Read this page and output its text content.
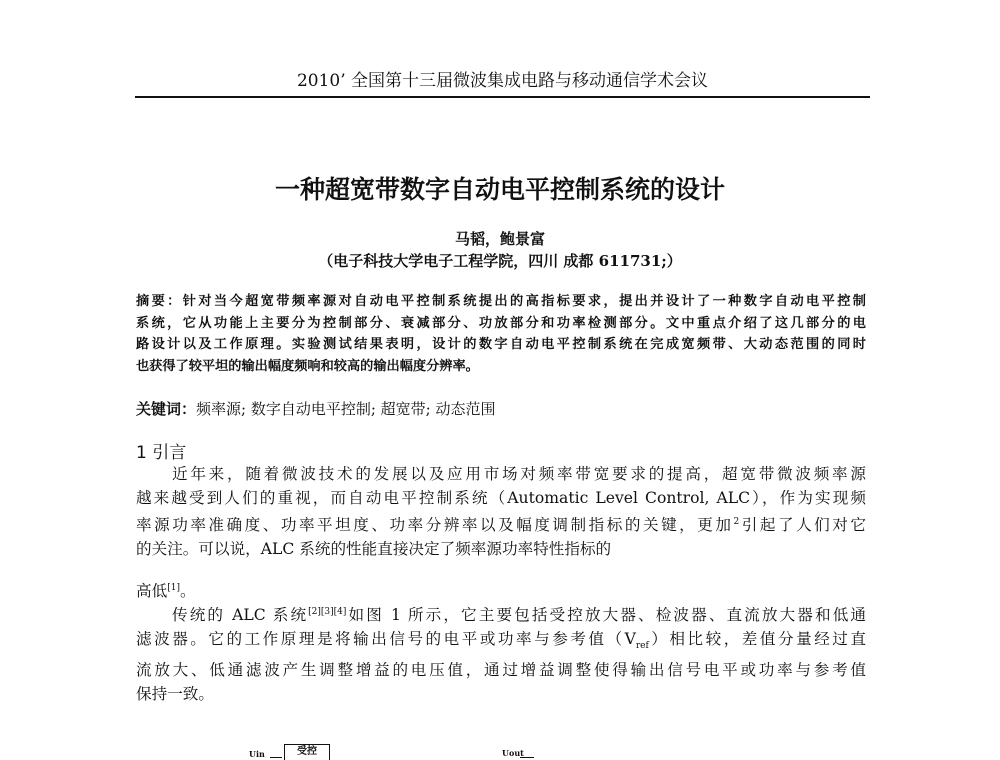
2010’ 全国第十三届微波集成电路与移动通信学术会议
一种超宽带数字自动电平控制系统的设计
马韬，鲍景富
（电子科技大学电子工程学院，四川 成都 611731;）
摘要：针对当今超宽带频率源对自动电平控制系统提出的高指标要求，提出并设计了一种数字自动电平控制
系统，它从功能上主要分为控制部分、衰减部分、功放部分和功率检测部分。文中重点介绍了这几部分的电
路设计以及工作原理。实验测试结果表明，设计的数字自动电平控制系统在完成宽频带、大动态范围的同时
也获得了较平坦的输出幅度频响和较高的输出幅度分辨率。
关键词：频率源; 数字自动电平控制; 超宽带; 动态范围
1 引言
近年来，随着微波技术的发展以及应用市场对频率带宽要求的提高，超宽带微波频率源
越来越受到人们的重视，而自动电平控制系统（Automatic Level Control, ALC），作为实现频
率源功率准确度、功率平坦度、功率分辨率以及幅度调制指标的关键，更加$^2$引起了人们对它
的关注。可以说，ALC 系统的性能直接决定了频率源功率特性指标的
高低[1]。
传统的 ALC 系统[2][3][4]如图 1 所示，它主要包括受控放大器、检波器、直流放大器和低通
滤波器。它的工作原理是将输出信号的电平或功率与参考值$(V_{ref})$相比较，差值分量经过直
流放大、低通滤波产生调整增益的电压值，通过增益调整使得输出信号电平或功率与参考值
保持一致。
Uin	受控	Uout
